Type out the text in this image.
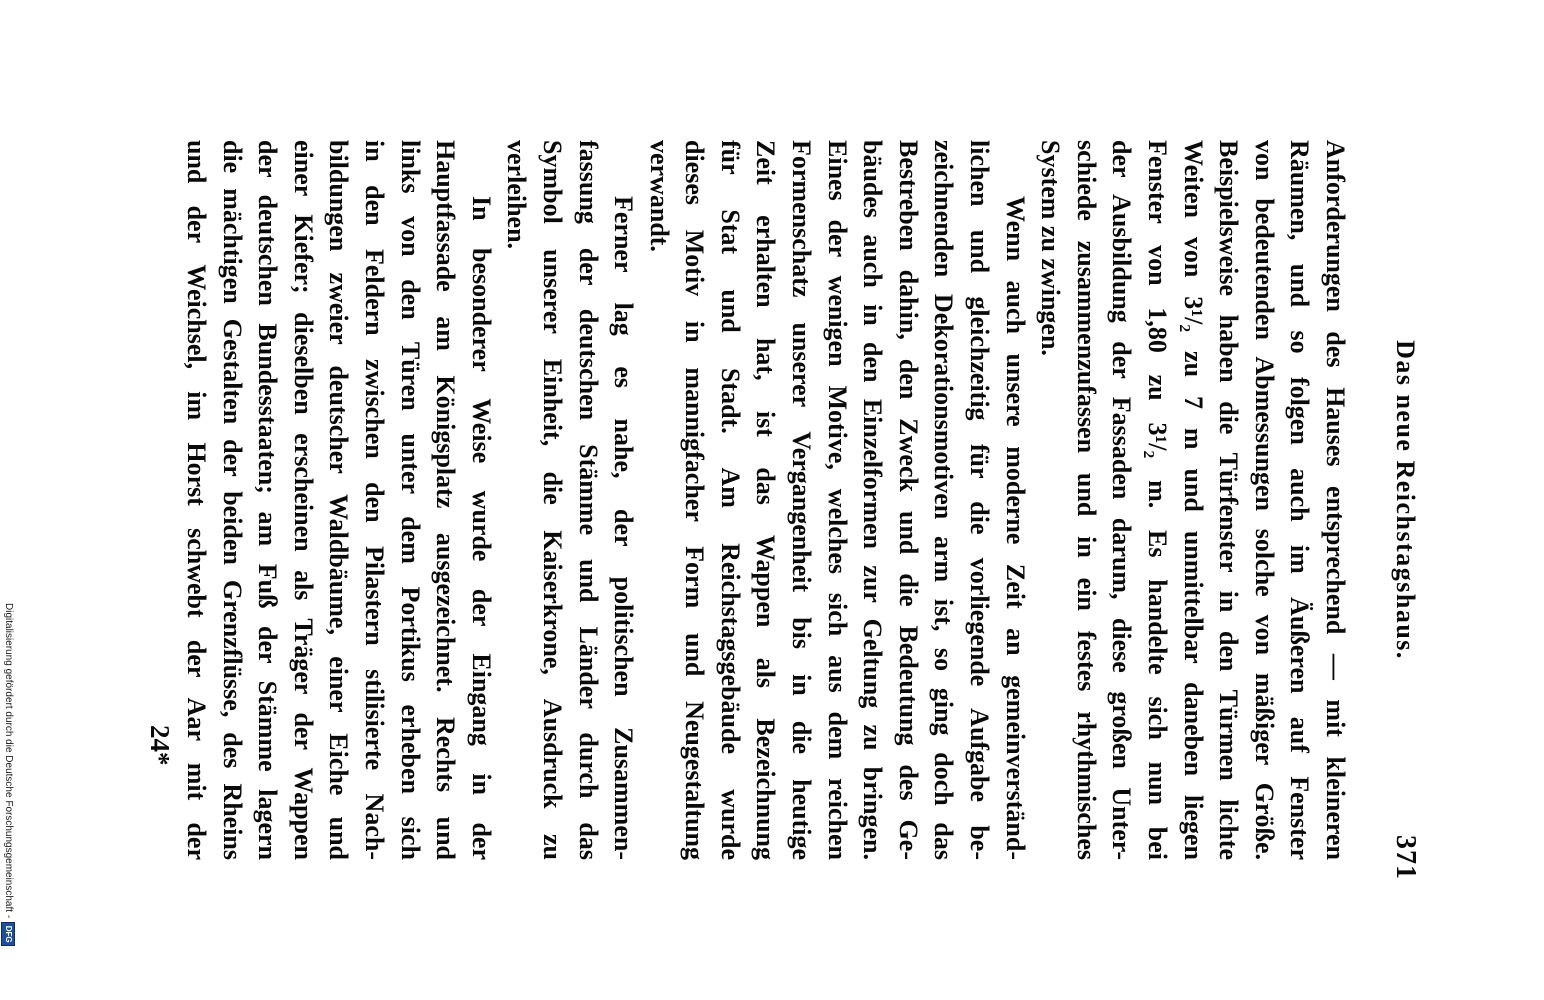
Das neue Reichstagshaus.
371
Anforderungen des Hauses entsprechend — mit kleineren
Räumen, und so folgen auch im Äußeren auf Fenster
von bedeutenden Abmessungen solche von mäßiger Größe.
Beispielsweise haben die Türfenster in den Türmen lichte
Weiten von 3¹/₂ zu 7 m und unmittelbar daneben liegen
Fenster von 1,80 zu 3¹/₂ m. Es handelte sich nun bei
der Ausbildung der Fassaden darum, diese großen Unter-
schiede zusammenzufassen und in ein festes rhythmisches
System zu zwingen.
Wenn auch unsere moderne Zeit an gemeinverständ-
lichen und gleichzeitig für die vorliegende Aufgabe be-
zeichnenden Dekorationsmotiven arm ist, so ging doch das
Bestreben dahin, den Zweck und die Bedeutung des Ge-
bäudes auch in den Einzelformen zur Geltung zu bringen.
Eines der wenigen Motive, welches sich aus dem reichen
Formenschatz unserer Vergangenheit bis in die heutige
Zeit erhalten hat, ist das Wappen als Bezeichnung
für Stat und Stadt. Am Reichstagsgebäude wurde
dieses Motiv in mannigfacher Form und Neugestaltung
verwandt.
Ferner lag es nahe, der politischen Zusammen-
fassung der deutschen Stämme und Länder durch das
Symbol unserer Einheit, die Kaiserkrone, Ausdruck zu
verleihen.
In besonderer Weise wurde der Eingang in der
Hauptfassade am Königsplatz ausgezeichnet. Rechts und
links von den Türen unter dem Portikus erheben sich
in den Feldern zwischen den Pilastern stilisierte Nach-
bildungen zweier deutscher Waldbäume, einer Eiche und
einer Kiefer; dieselben erscheinen als Träger der Wappen
der deutschen Bundesstaaten; am Fuß der Stämme lagern
die mächtigen Gestalten der beiden Grenzflüsse, des Rheins
und der Weichsel, im Horst schwebt der Aar mit der
24*
Digitalisierung gefördert durch die Deutsche Forschungsgemeinschaft -
DFG
